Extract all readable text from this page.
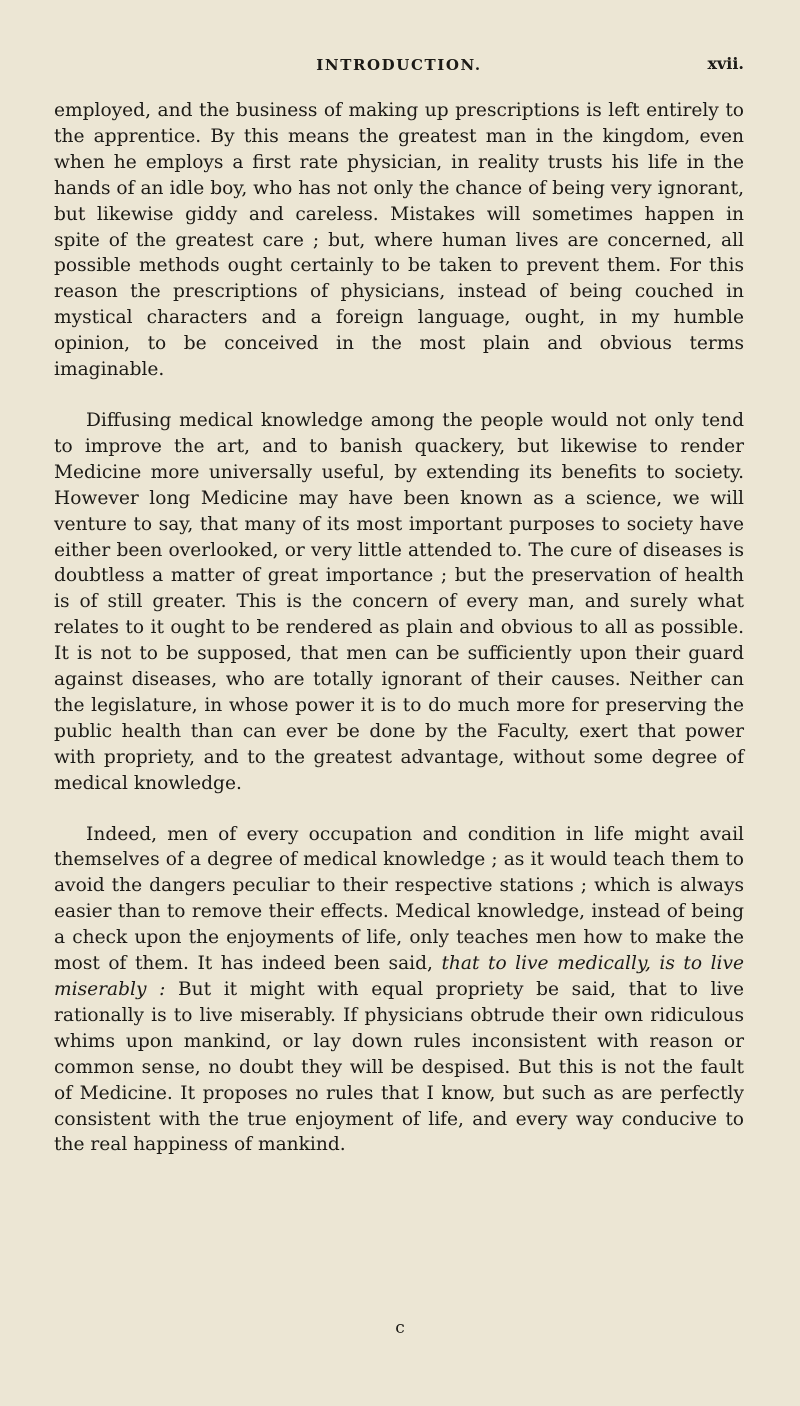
INTRODUCTION.	xvii.

employed, and the business of making up prescriptions is left entirely to the apprentice. By this means the greatest man in the kingdom, even when he employs a first rate physician, in reality trusts his life in the hands of an idle boy, who has not only the chance of being very ignorant, but likewise giddy and careless. Mistakes will sometimes happen in spite of the greatest care ; but, where human lives are concerned, all possible methods ought certainly to be taken to prevent them. For this reason the prescriptions of physicians, instead of being couched in mystical characters and a foreign language, ought, in my humble opinion, to be conceived in the most plain and obvious terms imaginable.

Diffusing medical knowledge among the people would not only tend to improve the art, and to banish quackery, but likewise to render Medicine more universally useful, by extending its benefits to society. However long Medicine may have been known as a science, we will venture to say, that many of its most important purposes to society have either been overlooked, or very little attended to. The cure of diseases is doubtless a matter of great importance ; but the preservation of health is of still greater. This is the concern of every man, and surely what relates to it ought to be rendered as plain and obvious to all as possible. It is not to be supposed, that men can be sufficiently upon their guard against diseases, who are totally ignorant of their causes. Neither can the legislature, in whose power it is to do much more for preserving the public health than can ever be done by the Faculty, exert that power with propriety, and to the greatest advantage, without some degree of medical knowledge.

Indeed, men of every occupation and condition in life might avail themselves of a degree of medical knowledge ; as it would teach them to avoid the dangers peculiar to their respective stations ; which is always easier than to remove their effects. Medical knowledge, instead of being a check upon the enjoyments of life, only teaches men how to make the most of them. It has indeed been said, that to live medically, is to live miserably : But it might with equal propriety be said, that to live rationally is to live miserably. If physicians obtrude their own ridiculous whims upon mankind, or lay down rules inconsistent with reason or common sense, no doubt they will be despised. But this is not the fault of Medicine. It proposes no rules that I know, but such as are perfectly consistent with the true enjoyment of life, and every way conducive to the real happiness of mankind.

c
